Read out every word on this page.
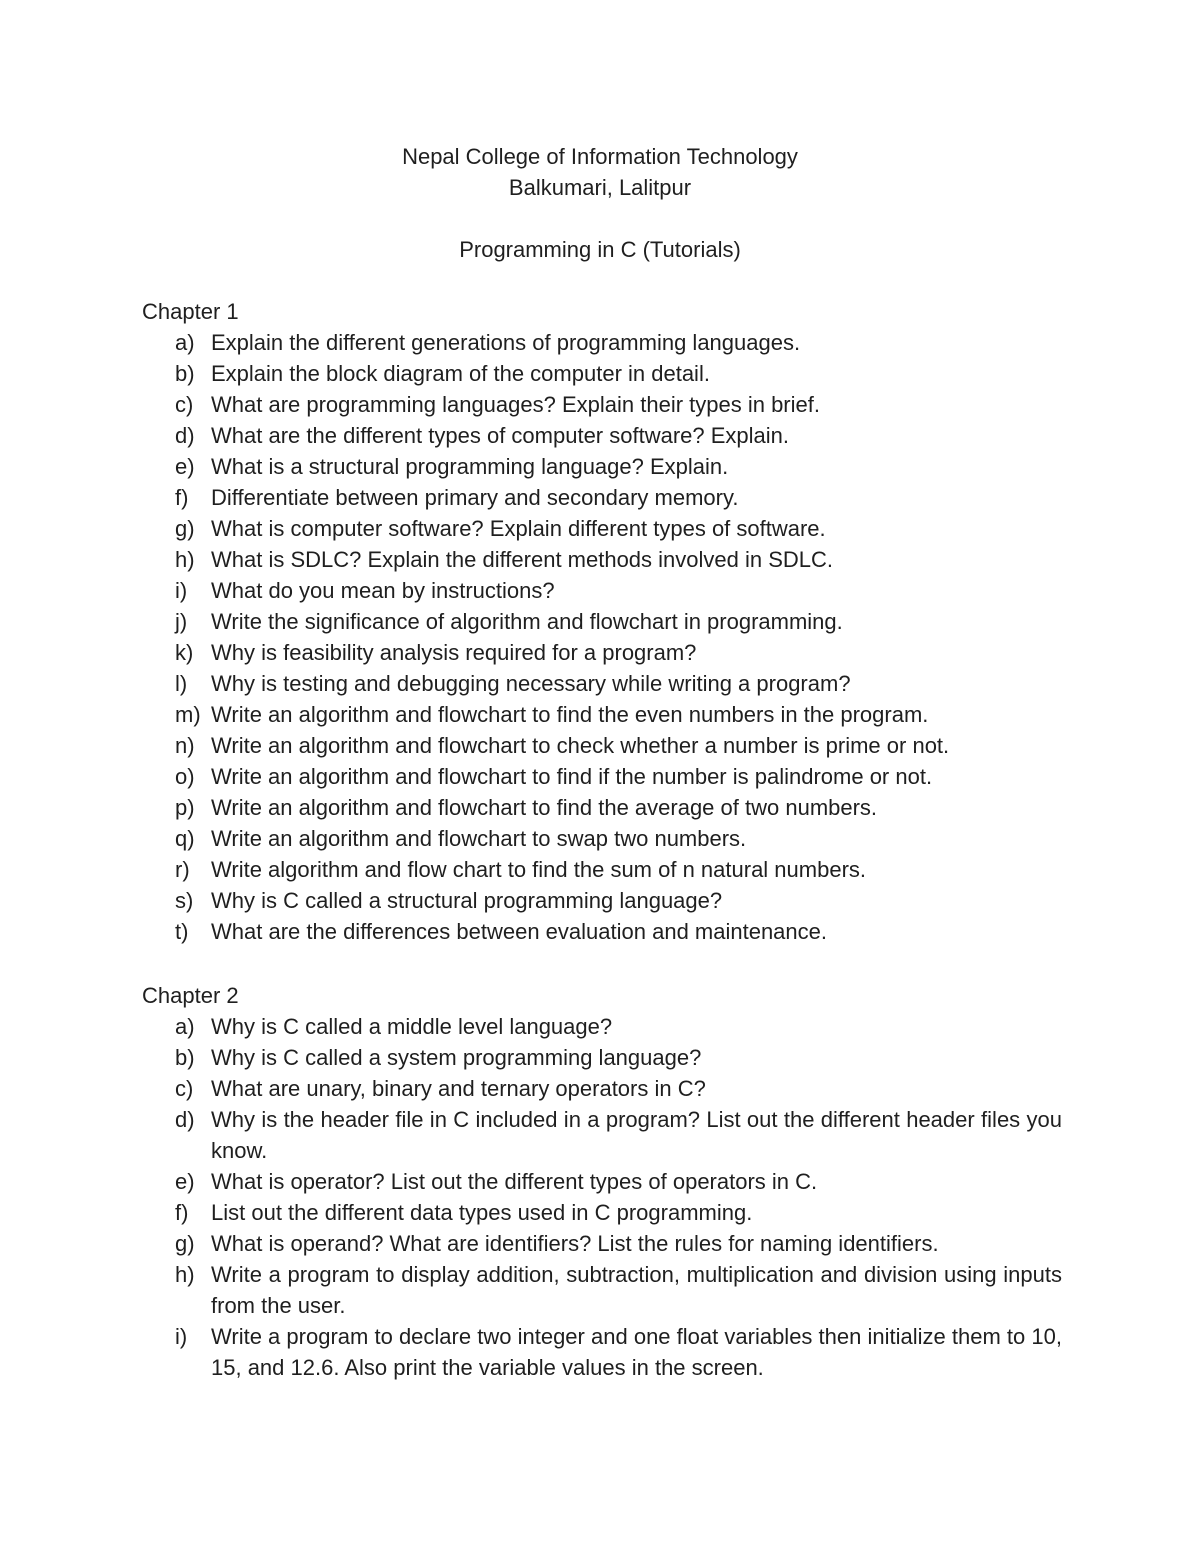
Nepal College of Information Technology
Balkumari, Lalitpur
Programming in C (Tutorials)
Chapter 1
a) Explain the different generations of programming languages.
b) Explain the block diagram of the computer in detail.
c) What are programming languages? Explain their types in brief.
d) What are the different types of computer software? Explain.
e) What is a structural programming language? Explain.
f) Differentiate between primary and secondary memory.
g) What is computer software? Explain different types of software.
h) What is SDLC? Explain the different methods involved in SDLC.
i) What do you mean by instructions?
j) Write the significance of algorithm and flowchart in programming.
k) Why is feasibility analysis required for a program?
l) Why is testing and debugging necessary while writing a program?
m) Write an algorithm and flowchart to find the even numbers in the program.
n) Write an algorithm and flowchart to check whether a number is prime or not.
o) Write an algorithm and flowchart to find if the number is palindrome or not.
p) Write an algorithm and flowchart to find the average of two numbers.
q) Write an algorithm and flowchart to swap two numbers.
r) Write algorithm and flow chart to find the sum of n natural numbers.
s) Why is C called a structural programming language?
t) What are the differences between evaluation and maintenance.
Chapter 2
a) Why is C called a middle level language?
b) Why is C called a system programming language?
c) What are unary, binary and ternary operators in C?
d) Why is the header file in C included in a program? List out the different header files you know.
e) What is operator? List out the different types of operators in C.
f) List out the different data types used in C programming.
g) What is operand? What are identifiers? List the rules for naming identifiers.
h) Write a program to display addition, subtraction, multiplication and division using inputs from the user.
i) Write a program to declare two integer and one float variables then initialize them to 10, 15, and 12.6. Also print the variable values in the screen.
